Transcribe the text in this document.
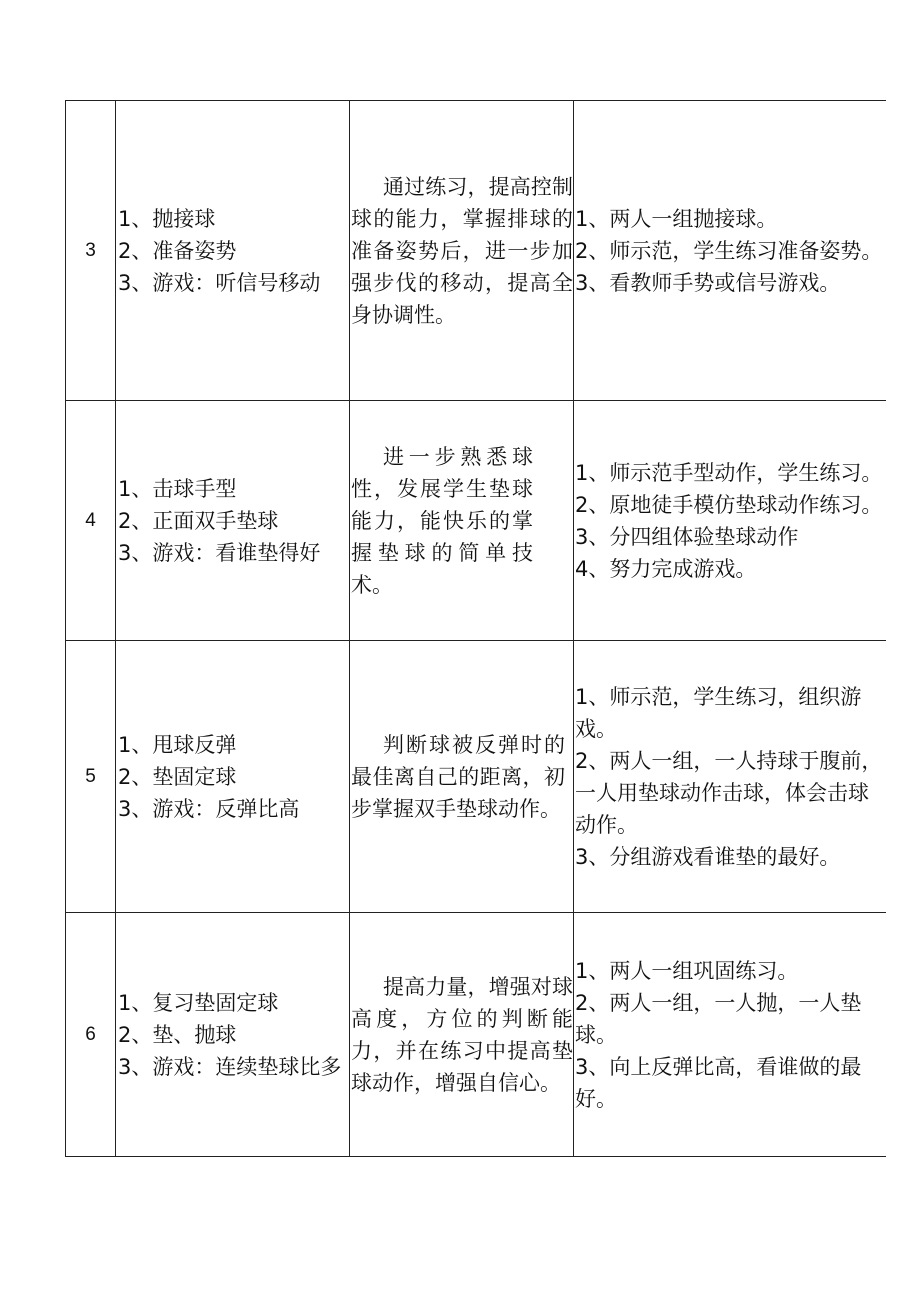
3	1、抛接球
2、准备姿势
3、游戏：听信号移动	通过练习，提高控制球的能力，掌握排球的准备姿势后，进一步加强步伐的移动，提高全身协调性。	1、两人一组抛接球。
2、师示范，学生练习准备姿势。
3、看教师手势或信号游戏。

4	1、击球手型
2、正面双手垫球
3、游戏：看谁垫得好	进一步熟悉球性，发展学生垫球能力，能快乐的掌握垫球的简单技术。	1、师示范手型动作，学生练习。
2、原地徒手模仿垫球动作练习。
3、分四组体验垫球动作
4、努力完成游戏。

5	1、甩球反弹
2、垫固定球
3、游戏：反弹比高	判断球被反弹时的最佳离自己的距离，初步掌握双手垫球动作。	1、师示范，学生练习，组织游戏。
2、两人一组，一人持球于腹前，一人用垫球动作击球，体会击球动作。
3、分组游戏看谁垫的最好。

6	1、复习垫固定球
2、垫、抛球
3、游戏：连续垫球比多	提高力量，增强对球高度，方位的判断能力，并在练习中提高垫球动作，增强自信心。	1、两人一组巩固练习。
2、两人一组，一人抛，一人垫球。
3、向上反弹比高，看谁做的最好。
